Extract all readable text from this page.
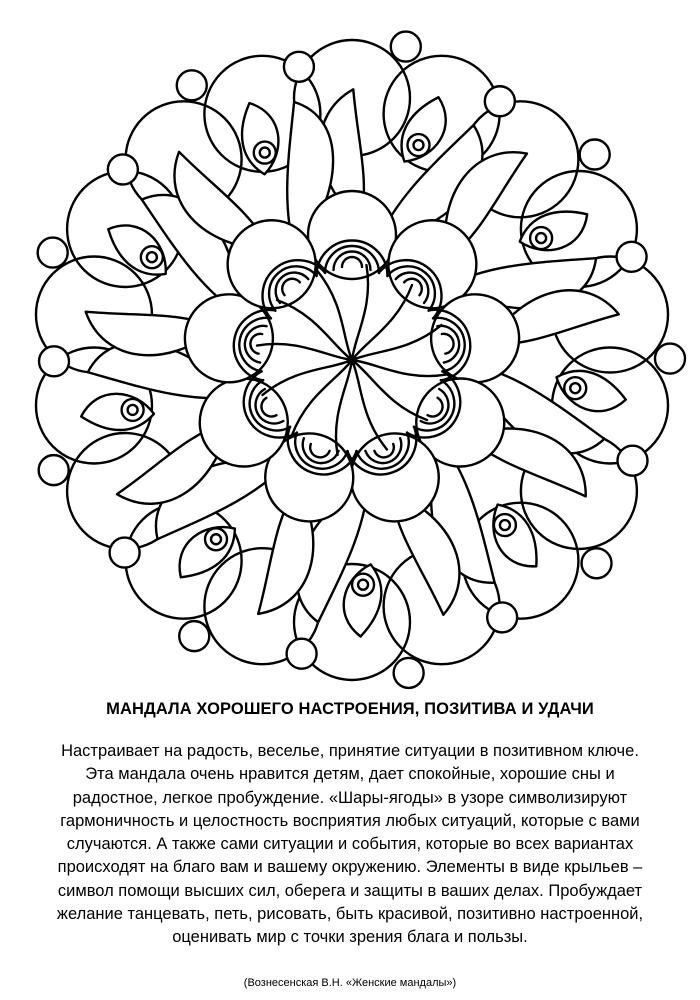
МАНДАЛА ХОРОШЕГО НАСТРОЕНИЯ, ПОЗИТИВА И УДАЧИ

Настраивает на радость, веселье, принятие ситуации в позитивном ключе.
Эта мандала очень нравится детям, дает спокойные, хорошие сны и
радостное, легкое пробуждение. «Шары-ягоды» в узоре символизируют
гармоничность и целостность восприятия любых ситуаций, которые с вами
случаются. А также сами ситуации и события, которые во всех вариантах
происходят на благо вам и вашему окружению. Элементы в виде крыльев –
символ помощи высших сил, оберега и защиты в ваших делах. Пробуждает
желание танцевать, петь, рисовать, быть красивой, позитивно настроенной,
оценивать мир с точки зрения блага и пользы.

(Вознесенская В.Н. «Женские мандалы»)
